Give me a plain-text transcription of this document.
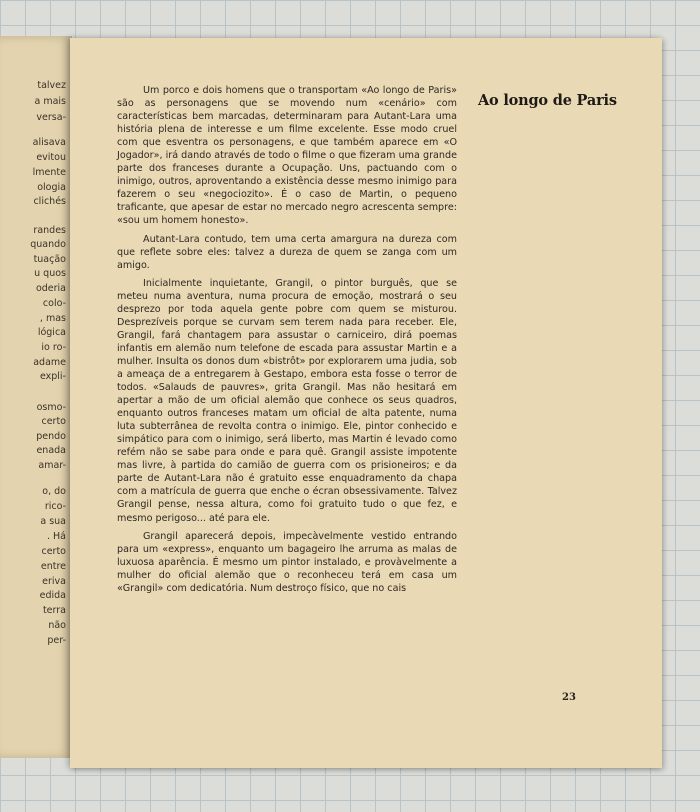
talvez
a mais
versa-
alisava
evitou
lmente
ologia
clichés
randes
quando
tuação
u quos
oderia
colo-
, mas
lógica
io ro-
adame
expli-
osmo-
certo
pendo
enada
amar-
o, do
rico-
a sua
. Há
certo
entre
eriva
edida
terra
não
per-

Um porco e dois homens que o transportam «Ao longo de Paris» são as personagens que se movendo num «cenário» com características bem marcadas, determinaram para Autant-Lara uma história plena de interesse e um filme excelente. Esse modo cruel com que esventra os personagens, e que também aparece em «O Jogador», irá dando através de todo o filme o que fizeram uma grande parte dos franceses durante a Ocupação. Uns, pactuando com o inimigo, outros, aproventando a existência desse mesmo inimigo para fazerem o seu «negociozito». É o caso de Martin, o pequeno traficante, que apesar de estar no mercado negro acrescenta sempre: «sou um homem honesto».

Autant-Lara contudo, tem uma certa amargura na dureza com que reflete sobre eles: talvez a dureza de quem se zanga com um amigo.

Inicialmente inquietante, Grangil, o pintor burguês, que se meteu numa aventura, numa procura de emoção, mostrará o seu desprezo por toda aquela gente pobre com quem se misturou. Desprezíveis porque se curvam sem terem nada para receber. Ele, Grangil, fará chantagem para assustar o carniceiro, dirá poemas infantis em alemão num telefone de escada para assustar Martin e a mulher. Insulta os donos dum «bistrôt» por explorarem uma judia, sob a ameaça de a entregarem à Gestapo, embora esta fosse o terror de todos. «Salauds de pauvres», grita Grangil. Mas não hesitará em apertar a mão de um oficial alemão que conhece os seus quadros, enquanto outros franceses matam um oficial de alta patente, numa luta subterrânea de revolta contra o inimigo. Ele, pintor conhecido e simpático para com o inimigo, será liberto, mas Martin é levado como refém não se sabe para onde e para quê. Grangil assiste impotente mas livre, à partida do camião de guerra com os prisioneiros; e da parte de Autant-Lara não é gratuito esse enquadramento da chapa com a matrícula de guerra que enche o écran obsessivamente. Talvez Grangil pense, nessa altura, como foi gratuito tudo o que fez, e mesmo perigoso... até para ele.

Grangil aparecerá depois, impecàvelmente vestido entrando para um «express», enquanto um bagageiro lhe arruma as malas de luxuosa aparência. É mesmo um pintor instalado, e provàvelmente a mulher do oficial alemão que o reconheceu terá em casa um «Grangil» com dedicatória. Num destroço físico, que no cais

Ao longo de Paris
23
